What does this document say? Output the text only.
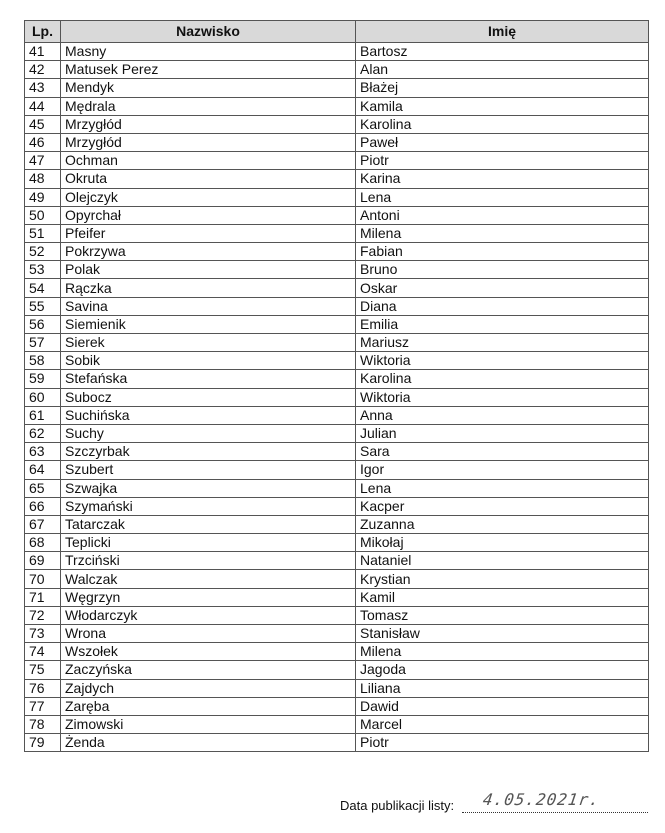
Lp.	Nazwisko	Imię
41	Masny	Bartosz
42	Matusek Perez	Alan
43	Mendyk	Błażej
44	Mędrala	Kamila
45	Mrzygłód	Karolina
46	Mrzygłód	Paweł
47	Ochman	Piotr
48	Okruta	Karina
49	Olejczyk	Lena
50	Opyrchał	Antoni
51	Pfeifer	Milena
52	Pokrzywa	Fabian
53	Polak	Bruno
54	Rączka	Oskar
55	Savina	Diana
56	Siemienik	Emilia
57	Sierek	Mariusz
58	Sobik	Wiktoria
59	Stefańska	Karolina
60	Subocz	Wiktoria
61	Suchińska	Anna
62	Suchy	Julian
63	Szczyrbak	Sara
64	Szubert	Igor
65	Szwajka	Lena
66	Szymański	Kacper
67	Tatarczak	Zuzanna
68	Teplicki	Mikołaj
69	Trzciński	Nataniel
70	Walczak	Krystian
71	Węgrzyn	Kamil
72	Włodarczyk	Tomasz
73	Wrona	Stanisław
74	Wszołek	Milena
75	Zaczyńska	Jagoda
76	Zajdych	Liliana
77	Zaręba	Dawid
78	Zimowski	Marcel
79	Żenda	Piotr
Data publikacji listy: 4.05.2021r.
